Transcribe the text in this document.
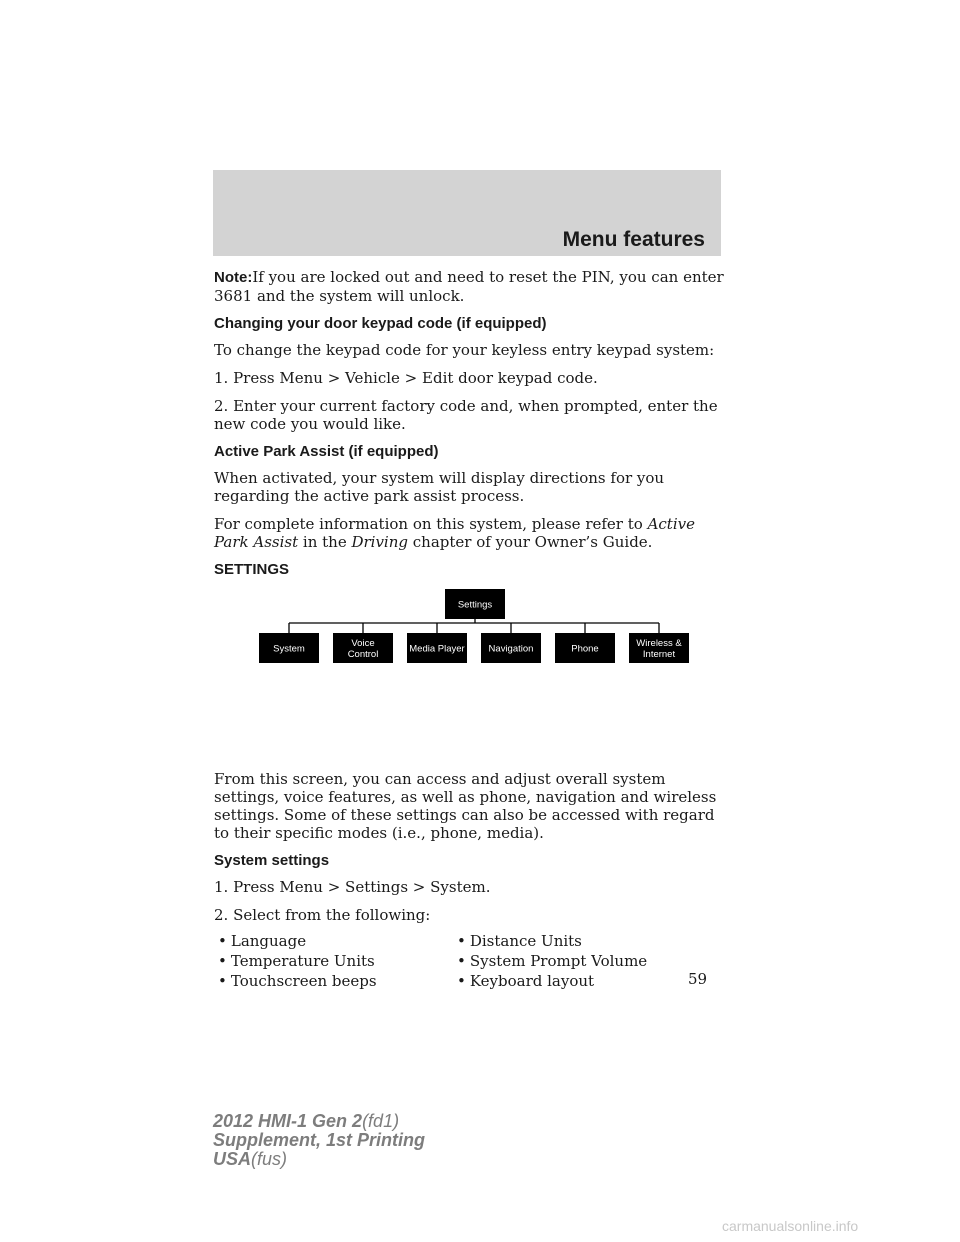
Menu features

Note:If you are locked out and need to reset the PIN, you can enter 3681 and the system will unlock.

Changing your door keypad code (if equipped)

To change the keypad code for your keyless entry keypad system:

1. Press Menu > Vehicle > Edit door keypad code.

2. Enter your current factory code and, when prompted, enter the new code you would like.

Active Park Assist (if equipped)

When activated, your system will display directions for you regarding the active park assist process.

For complete information on this system, please refer to Active Park Assist in the Driving chapter of your Owner’s Guide.

SETTINGS
Settings
System	Voice Control	Media Player	Navigation	Phone	Wireless & Internet

From this screen, you can access and adjust overall system settings, voice features, as well as phone, navigation and wireless settings. Some of these settings can also be accessed with regard to their specific modes (i.e., phone, media).

System settings

1. Press Menu > Settings > System.

2. Select from the following:

• Language	• Distance Units
• Temperature Units	• System Prompt Volume
• Touchscreen beeps	• Keyboard layout	59
2012 HMI-1 Gen 2(fd1)
Supplement, 1st Printing
USA(fus)
carmanualsonline.info
